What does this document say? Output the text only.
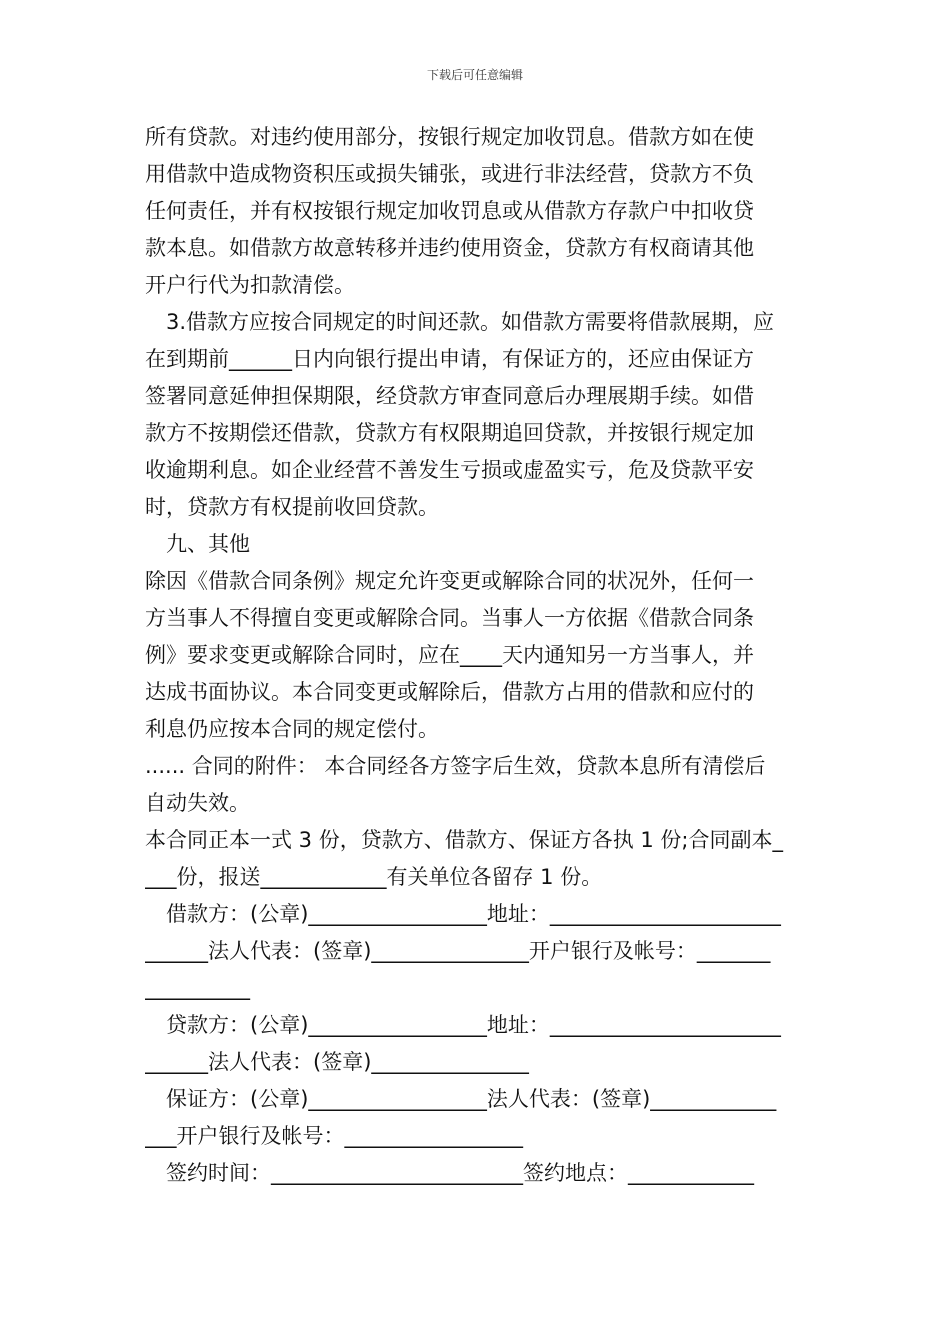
下载后可任意编辑
所有贷款。对违约使用部分，按银行规定加收罚息。借款方如在使
用借款中造成物资积压或损失铺张，或进行非法经营，贷款方不负
任何责任，并有权按银行规定加收罚息或从借款方存款户中扣收贷
款本息。如借款方故意转移并违约使用资金，贷款方有权商请其他
开户行代为扣款清偿。
3.借款方应按合同规定的时间还款。如借款方需要将借款展期，应
在到期前______日内向银行提出申请，有保证方的，还应由保证方
签署同意延伸担保期限，经贷款方审查同意后办理展期手续。如借
款方不按期偿还借款，贷款方有权限期追回贷款，并按银行规定加
收逾期利息。如企业经营不善发生亏损或虚盈实亏，危及贷款平安
时，贷款方有权提前收回贷款。
九、其他
除因《借款合同条例》规定允许变更或解除合同的状况外，任何一
方当事人不得擅自变更或解除合同。当事人一方依据《借款合同条
例》要求变更或解除合同时，应在____天内通知另一方当事人，并
达成书面协议。本合同变更或解除后，借款方占用的借款和应付的
利息仍应按本合同的规定偿付。
...... 合同的附件： 本合同经各方签字后生效，贷款本息所有清偿后
自动失效。
本合同正本一式 3 份，贷款方、借款方、保证方各执 1 份;合同副本_
___份，报送____________有关单位各留存 1 份。
借款方：(公章)_________________地址：______________________
______法人代表：(签章)_______________开户银行及帐号：_______
__________
贷款方：(公章)_________________地址：______________________
______法人代表：(签章)_______________
保证方：(公章)_________________法人代表：(签章)____________
___开户银行及帐号：_________________
签约时间：________________________签约地点：____________
